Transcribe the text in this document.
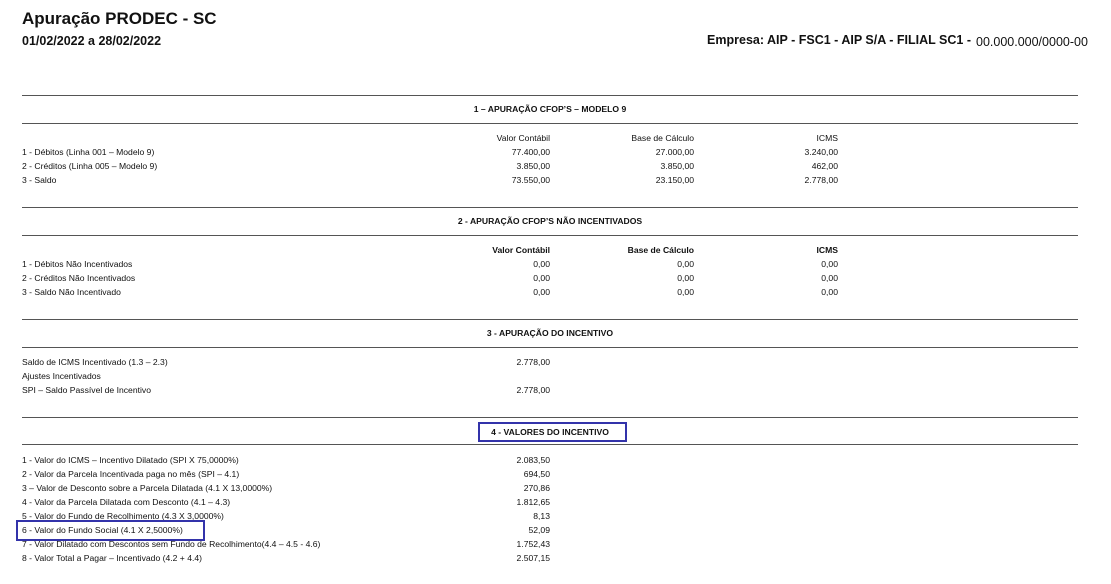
Apuração PRODEC - SC
01/02/2022 a 28/02/2022	Empresa: AIP - FSC1 - AIP S/A - FILIAL SC1 - 00.000.000/0000-00
1 – APURAÇÃO CFOP’S – MODELO 9
Valor Contábil	Base de Cálculo	ICMS
1 - Débitos (Linha 001 – Modelo 9)	77.400,00	27.000,00	3.240,00
2 - Créditos (Linha 005 – Modelo 9)	3.850,00	3.850,00	462,00
3 - Saldo	73.550,00	23.150,00	2.778,00
2 - APURAÇÃO CFOP’S NÃO INCENTIVADOS
Valor Contábil	Base de Cálculo	ICMS
1 - Débitos Não Incentivados	0,00	0,00	0,00
2 - Créditos Não Incentivados	0,00	0,00	0,00
3 - Saldo Não Incentivado	0,00	0,00	0,00
3 - APURAÇÃO DO INCENTIVO
Saldo de ICMS Incentivado (1.3 – 2.3)	2.778,00
Ajustes Incentivados
SPI – Saldo Passível de Incentivo	2.778,00
4 - VALORES DO INCENTIVO
1 - Valor do ICMS – Incentivo Dilatado (SPI X 75,0000%)	2.083,50
2 - Valor da Parcela Incentivada paga no mês (SPI – 4.1)	694,50
3 – Valor de Desconto sobre a Parcela Dilatada (4.1 X 13,0000%)	270,86
4 - Valor da Parcela Dilatada com Desconto (4.1 – 4.3)	1.812,65
5 - Valor do Fundo de Recolhimento (4.3 X 3,0000%)	8,13
6 - Valor do Fundo Social (4.1 X 2,5000%)	52,09
7 - Valor Dilatado com Descontos sem Fundo de Recolhimento(4.4 – 4.5 - 4.6)	1.752,43
8 - Valor Total a Pagar – Incentivado (4.2 + 4.4)	2.507,15
